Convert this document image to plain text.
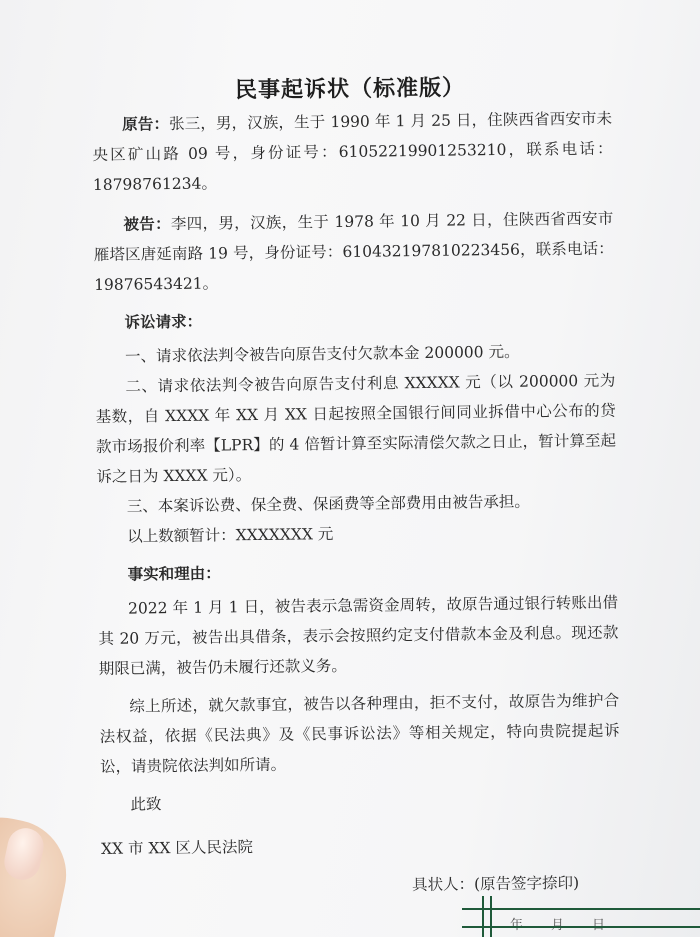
民事起诉状（标准版）

原告：张三，男，汉族，生于 1990 年 1 月 25 日，住陕西省西安市未央区矿山路 09 号，身份证号：61052219901253210，联系电话：18798761234。

被告：李四，男，汉族，生于 1978 年 10 月 22 日，住陕西省西安市雁塔区唐延南路 19 号，身份证号：610432197810223456，联系电话：19876543421。

诉讼请求：

一、请求依法判令被告向原告支付欠款本金 200000 元。

二、请求依法判令被告向原告支付利息 XXXXX 元（以 200000 元为基数，自 XXXX 年 XX 月 XX 日起按照全国银行间同业拆借中心公布的贷款市场报价利率【LPR】的 4 倍暂计算至实际清偿欠款之日止，暂计算至起诉之日为 XXXX 元）。

三、本案诉讼费、保全费、保函费等全部费用由被告承担。

以上数额暂计：XXXXXXX 元

事实和理由：

2022 年 1 月 1 日，被告表示急需资金周转，故原告通过银行转账出借其 20 万元，被告出具借条，表示会按照约定支付借款本金及利息。现还款期限已满，被告仍未履行还款义务。

综上所述，就欠款事宜，被告以各种理由，拒不支付，故原告为维护合法权益，依据《民法典》及《民事诉讼法》等相关规定，特向贵院提起诉讼，请贵院依法判如所请。

此致

XX 市 XX 区人民法院

具状人：(原告签字捺印)
